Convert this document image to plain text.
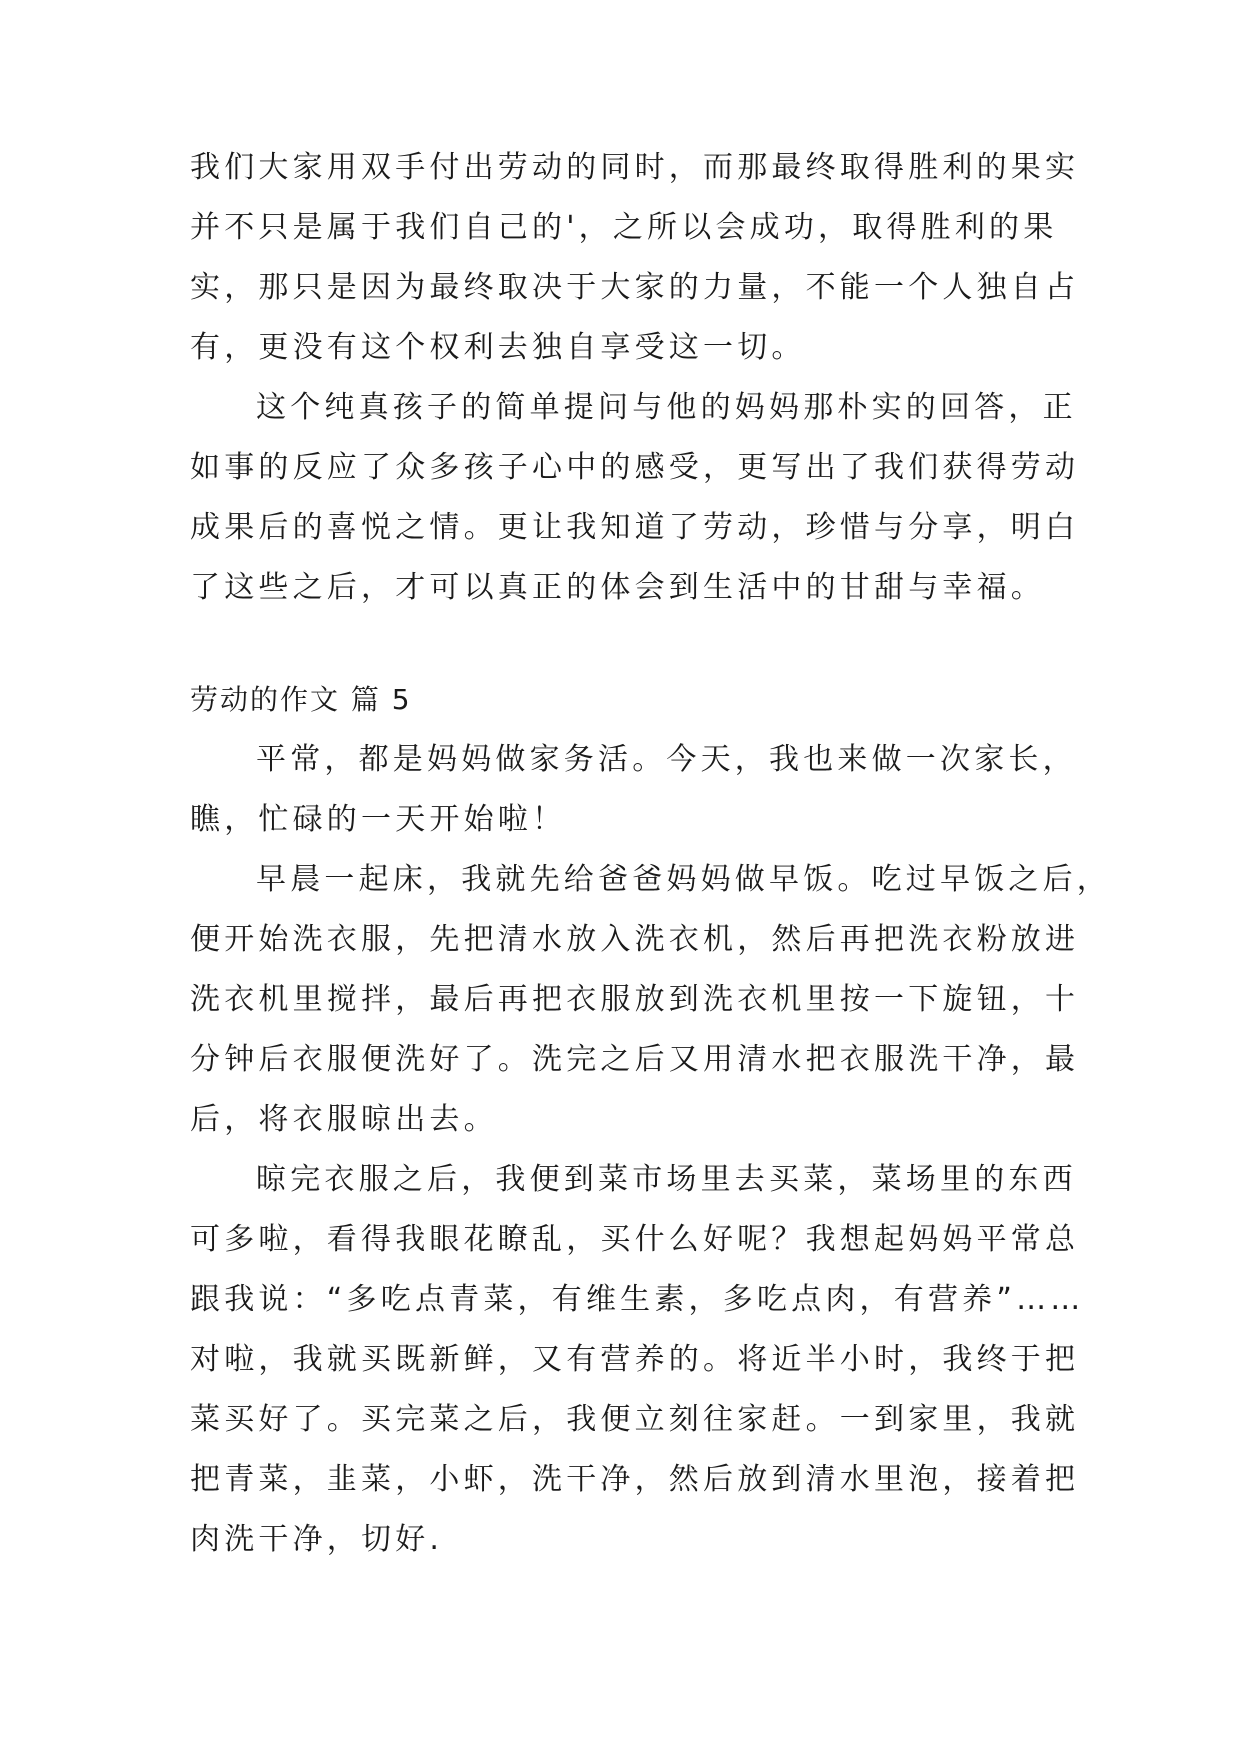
我们大家用双手付出劳动的同时，而那最终取得胜利的果实
并不只是属于我们自己的'，之所以会成功，取得胜利的果
实，那只是因为最终取决于大家的力量，不能一个人独自占
有，更没有这个权利去独自享受这一切。
这个纯真孩子的简单提问与他的妈妈那朴实的回答，正
如事的反应了众多孩子心中的感受，更写出了我们获得劳动
成果后的喜悦之情。更让我知道了劳动，珍惜与分享，明白
了这些之后，才可以真正的体会到生活中的甘甜与幸福。
劳动的作文 篇 5
平常，都是妈妈做家务活。今天，我也来做一次家长，
瞧，忙碌的一天开始啦！
早晨一起床，我就先给爸爸妈妈做早饭。吃过早饭之后，
便开始洗衣服，先把清水放入洗衣机，然后再把洗衣粉放进
洗衣机里搅拌，最后再把衣服放到洗衣机里按一下旋钮，十
分钟后衣服便洗好了。洗完之后又用清水把衣服洗干净，最
后，将衣服晾出去。
晾完衣服之后，我便到菜市场里去买菜，菜场里的东西
可多啦，看得我眼花瞭乱，买什么好呢？我想起妈妈平常总
跟我说：“多吃点青菜，有维生素，多吃点肉，有营养”……
对啦，我就买既新鲜，又有营养的。将近半小时，我终于把
菜买好了。买完菜之后，我便立刻往家赶。一到家里，我就
把青菜，韭菜，小虾，洗干净，然后放到清水里泡，接着把
肉洗干净，切好.
